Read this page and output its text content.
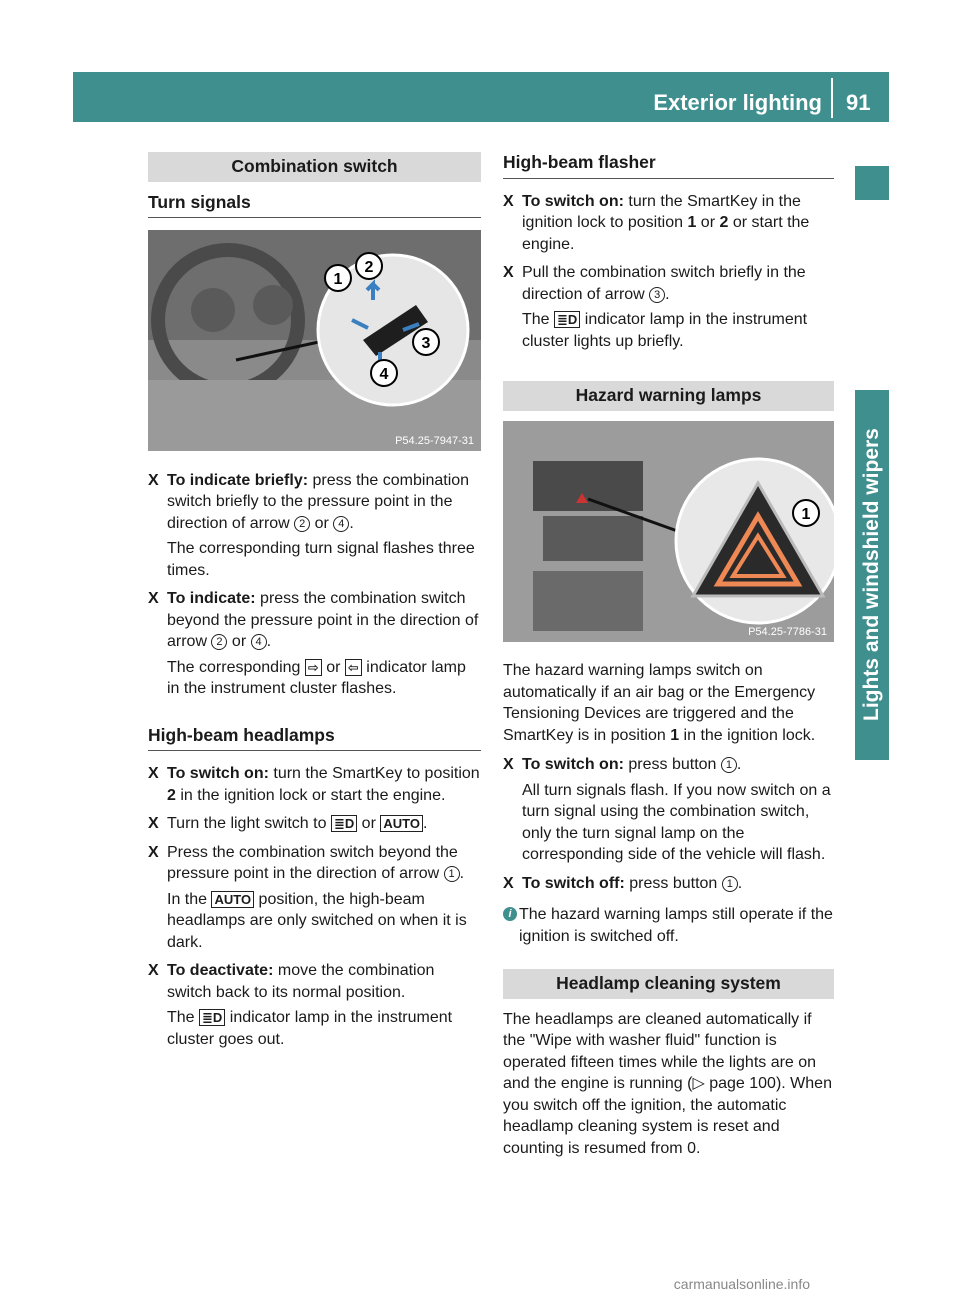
Exterior lighting 91
Lights and windshield wipers
Combination switch
Turn signals
1
2
3
4
P54.25-7947-31
X To indicate briefly: press the combination switch briefly to the pressure point in the direction of arrow 2 or 4 .

The corresponding turn signal flashes three times.

X To indicate: press the combination switch beyond the pressure point in the direction of arrow 2 or 4 .

The corresponding ⇨ or ⇦ indicator lamp in the instrument cluster flashes.

High-beam headlamps
X To switch on: turn the SmartKey to position 2 in the ignition lock or start the engine.

X Turn the light switch to ≣D or AUTO .

X Press the combination switch beyond the pressure point in the direction of arrow 1 .

In the AUTO position, the high-beam headlamps are only switched on when it is dark.

X To deactivate: move the combination switch back to its normal position.

The ≣D indicator lamp in the instrument cluster goes out.

High-beam flasher
X To switch on: turn the SmartKey in the ignition lock to position 1 or 2 or start the engine.

X Pull the combination switch briefly in the direction of arrow 3 .

The ≣D indicator lamp in the instrument cluster lights up briefly.

Hazard warning lamps
1
P54.25-7786-31

The hazard warning lamps switch on automatically if an air bag or the Emergency Tensioning Devices are triggered and the SmartKey is in position 1 in the ignition lock.

X To switch on: press button 1 .

All turn signals flash. If you now switch on a turn signal using the combination switch, only the turn signal lamp on the corresponding side of the vehicle will flash.

X To switch off: press button 1 .

i The hazard warning lamps still operate if the ignition is switched off.
Headlamp cleaning system

The headlamps are cleaned automatically if the "Wipe with washer fluid" function is operated fifteen times while the lights are on and the engine is running (▷ page 100). When you switch off the ignition, the automatic headlamp cleaning system is reset and counting is resumed from 0.

carmanualsonline.info
